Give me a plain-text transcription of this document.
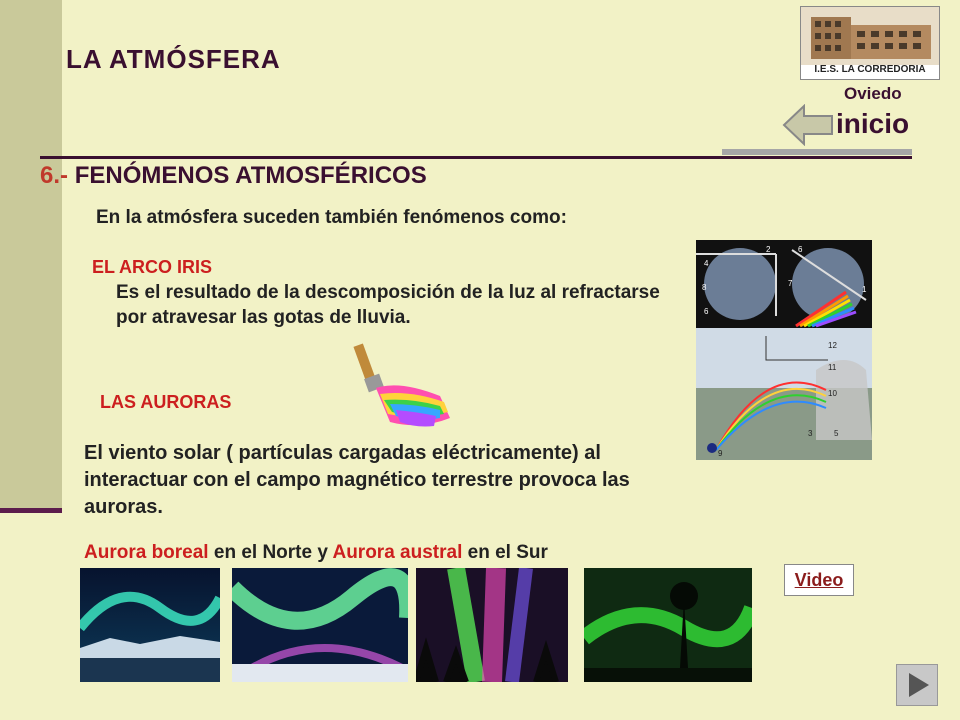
LA ATMÓSFERA	I.E.S. LA CORREDORIA
Oviedo
inicio
6.- FENÓMENOS ATMOSFÉRICOS
En la atmósfera suceden también fenómenos como:
EL ARCO IRIS
Es el resultado de la descomposición de la luz al refractarse por atravesar las gotas de lluvia.
LAS AURORAS
El viento solar ( partículas cargadas eléctricamente) al interactuar con el campo magnético terrestre provoca las auroras.
Aurora boreal en el Norte y Aurora austral en el Sur
2
4
8
6
6
7
1
12
11
10
3	5
9
Video
